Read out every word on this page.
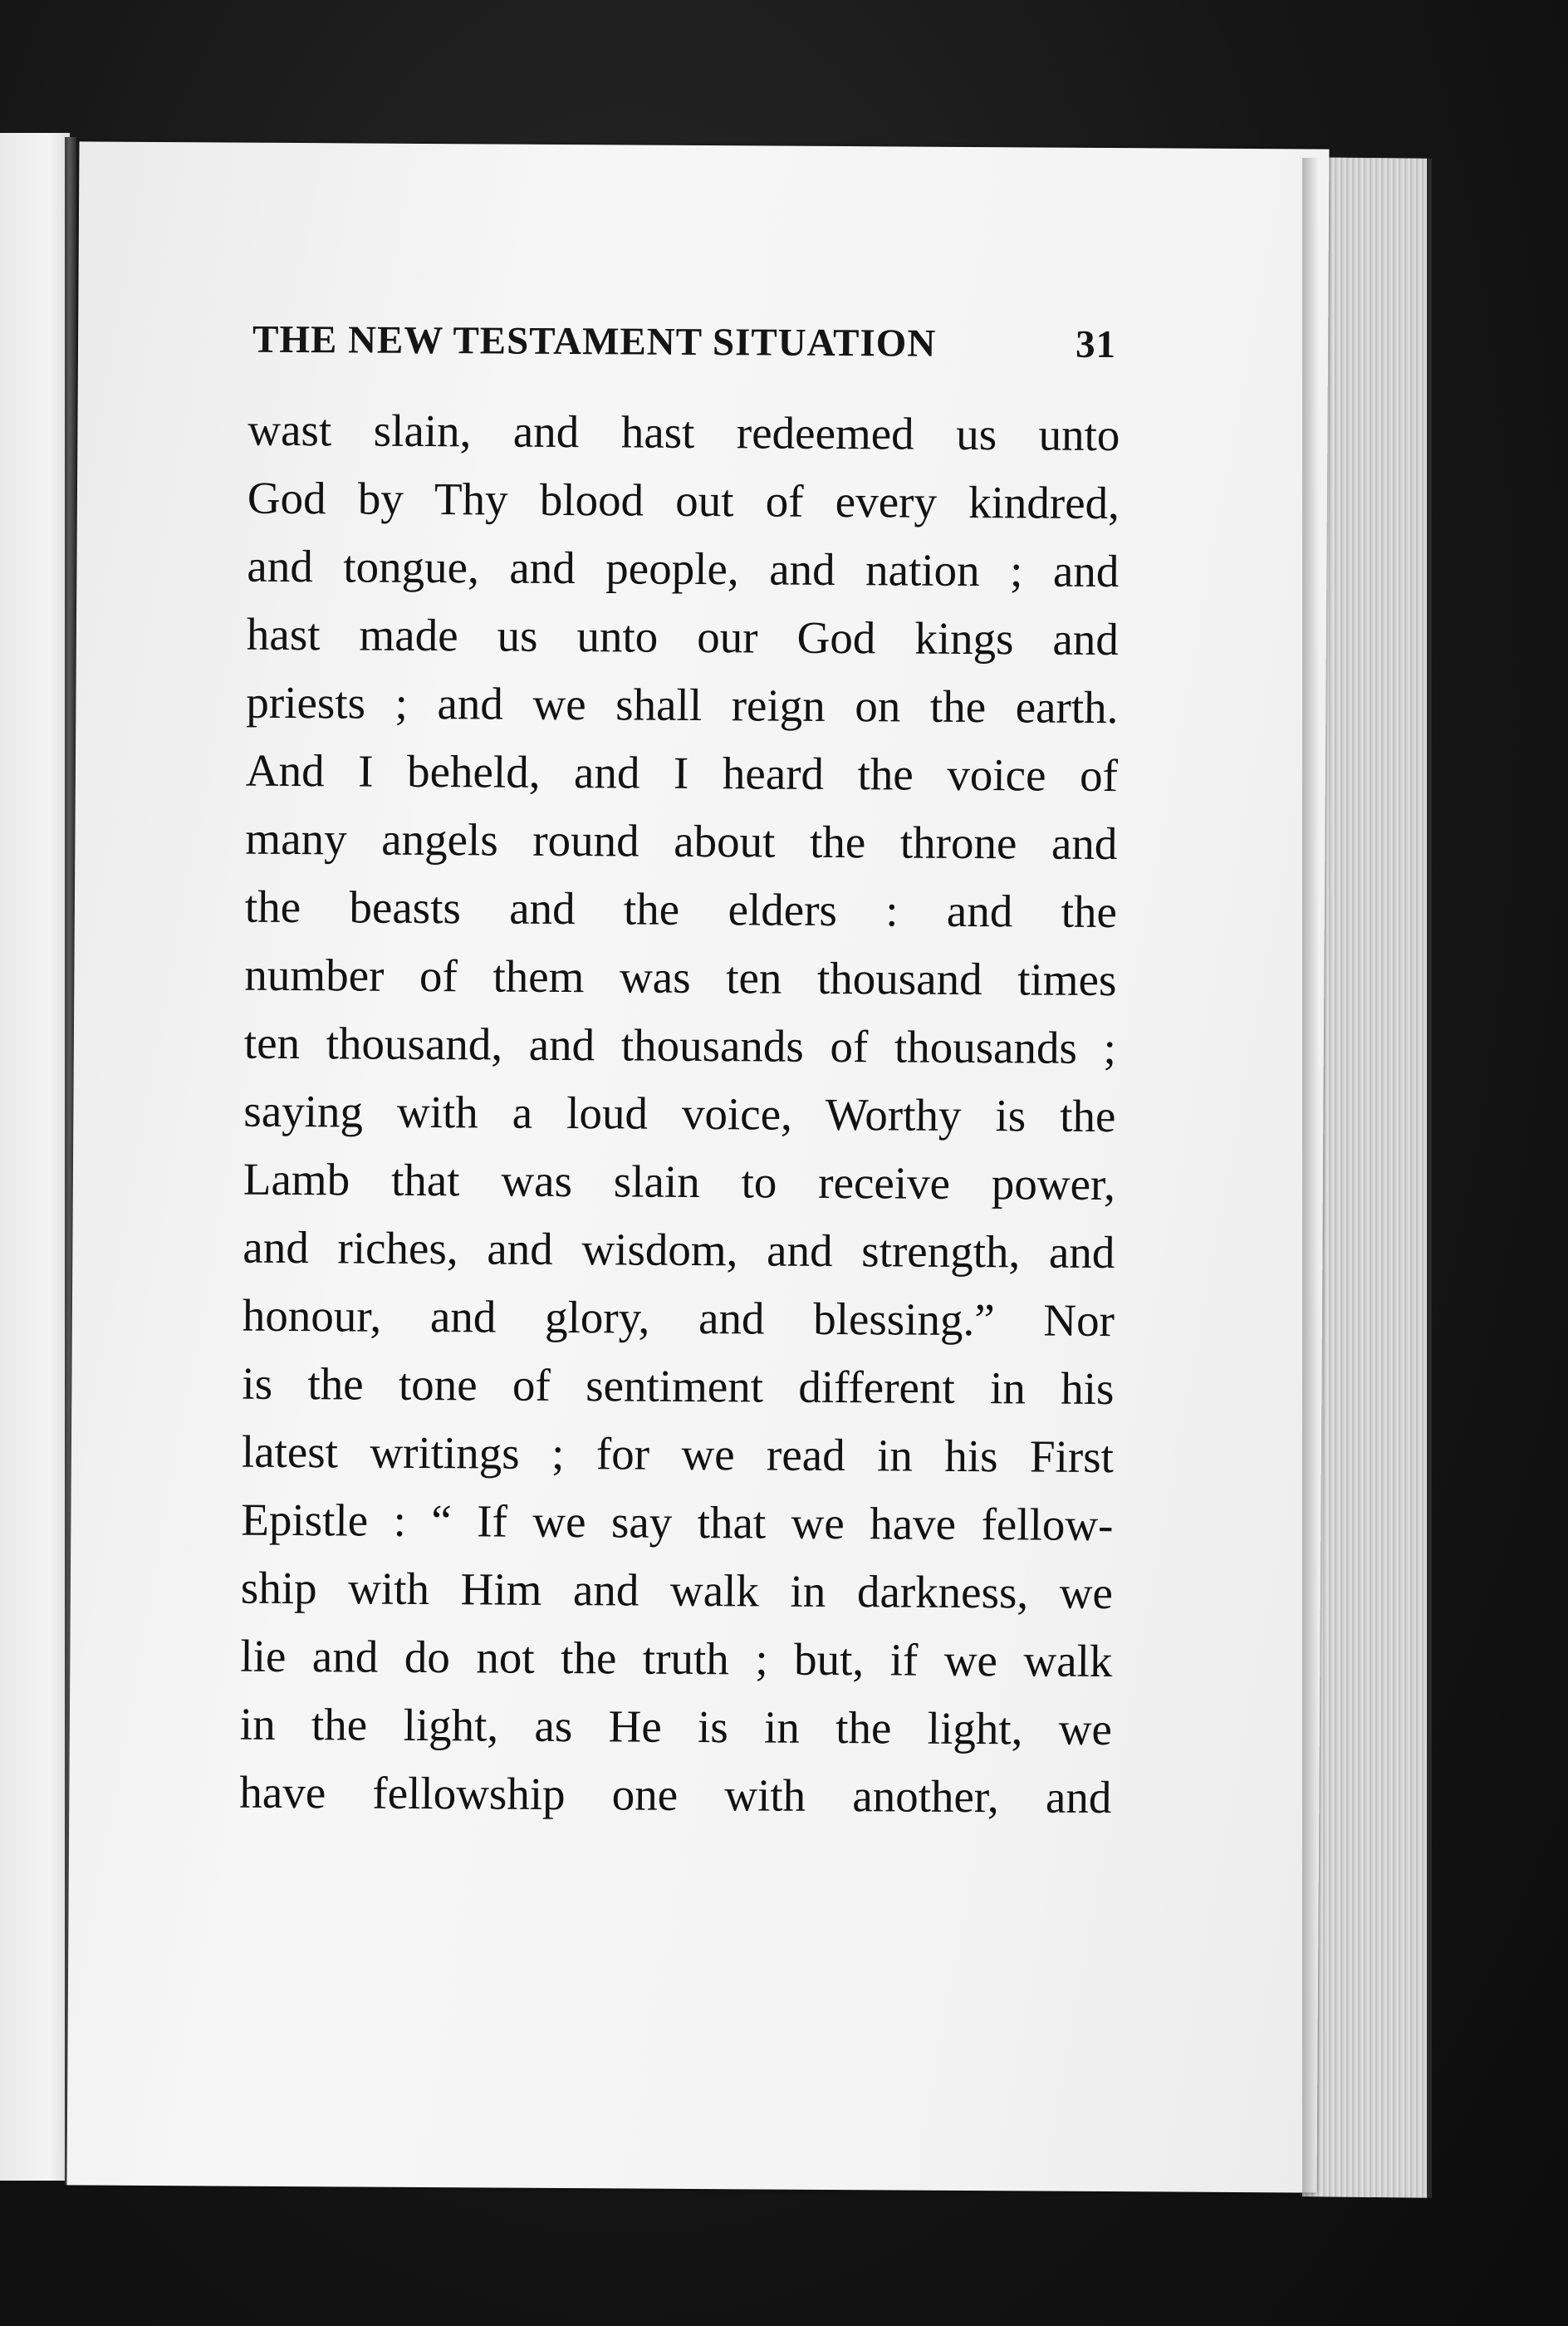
THE NEW TESTAMENT SITUATION	31
wast slain, and hast redeemed us unto
God by Thy blood out of every kindred,
and tongue, and people, and nation ; and
hast made us unto our God kings and
priests ; and we shall reign on the earth.
And I beheld, and I heard the voice of
many angels round about the throne and
the beasts and the elders : and the
number of them was ten thousand times
ten thousand, and thousands of thousands ;
saying with a loud voice, Worthy is the
Lamb that was slain to receive power,
and riches, and wisdom, and strength, and
honour, and glory, and blessing.” Nor
is the tone of sentiment different in his
latest writings ; for we read in his First
Epistle : “ If we say that we have fellow-
ship with Him and walk in darkness, we
lie and do not the truth ; but, if we walk
in the light, as He is in the light, we
have fellowship one with another, and
